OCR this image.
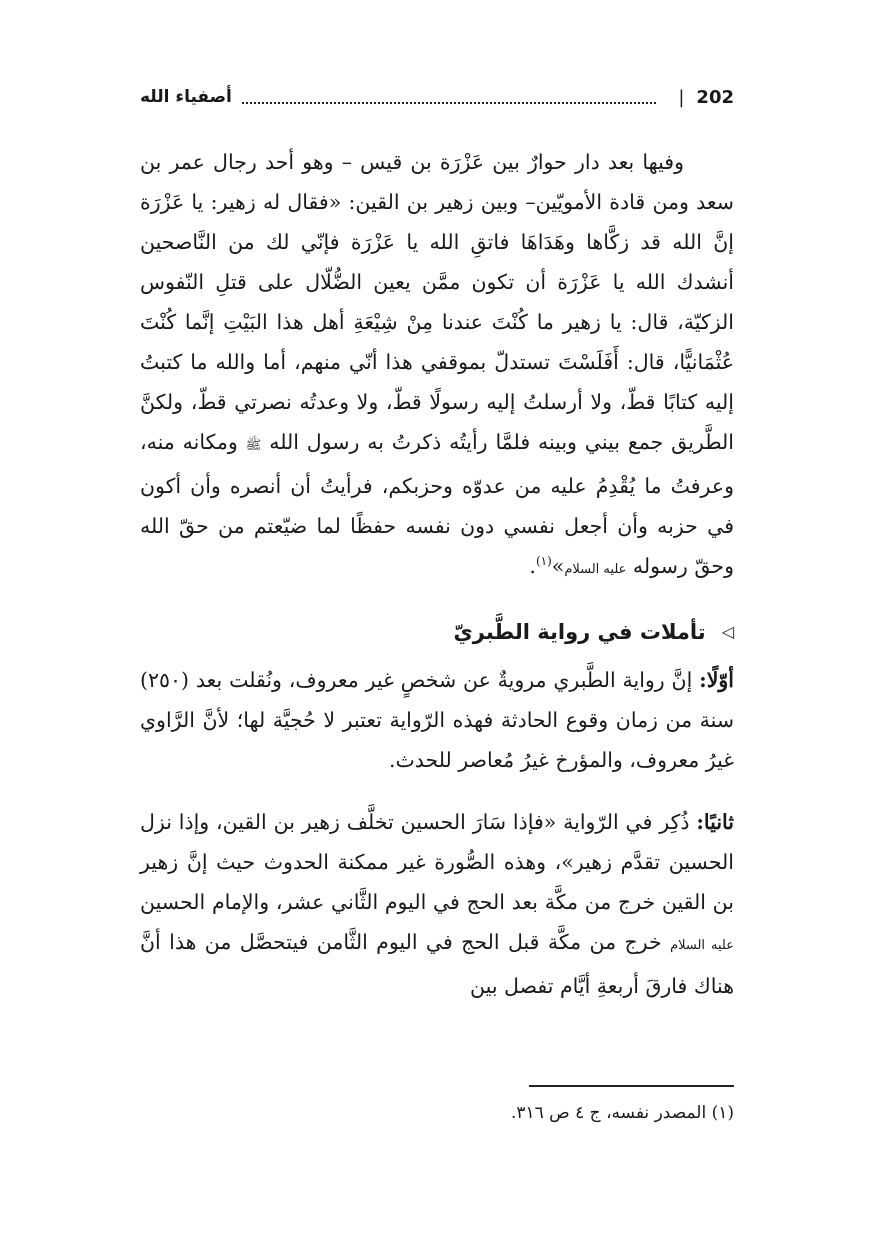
202
|
أصفياء الله

وفيها بعد دار حوارٌ بين عَزْرَة بن قيس – وهو أحد رجال عمر بن سعد ومن قادة الأمويّين– وبين زهير بن القين: «فقال له زهير: يا عَزْرَة إنَّ الله قد زكَّاها وهَدَاهَا فاتقِ الله يا عَزْرَة فإنّي لك من النَّاصحين أنشدك الله يا عَزْرَة أن تكون ممَّن يعين الضُّلّال على قتلِ النّفوس الزكيّة، قال: يا زهير ما كُنْتَ عندنا مِنْ شِيْعَةِ أهل هذا البَيْتِ إنَّما كُنْتَ عُثْمَانيًّا، قال: أَفَلَسْتَ تستدلّ بموقفي هذا أنّي منهم، أما والله ما كتبتُ إليه كتابًا قطّ، ولا أرسلتُ إليه رسولًا قطّ، ولا وعدتُه نصرتي قطّ، ولكنَّ الطَّريق جمع بيني وبينه فلمَّا رأيتُه ذكرتُ به رسول الله ﷺ ومكانه منه، وعرفتُ ما يُقْدِمُ عليه من عدوّه وحزبكم، فرأيتُ أن أنصره وأن أكون في حزبه وأن أجعل نفسي دون نفسه حفظًا لما ضيّعتم من حقّ الله وحقّ رسوله عليه السلام»$^{(١)}$.

◁
تأملات في رواية الطَّبريّ

أوّلًا: إنَّ رواية الطَّبري مرويةٌ عن شخصٍ غير معروف، ونُقلت بعد (٢٥٠) سنة من زمان وقوع الحادثة فهذه الرّواية تعتبر لا حُجيَّة لها؛ لأنَّ الرَّاوي غيرُ معروف، والمؤرخ غيرُ مُعاصر للحدث.

ثانيًا: ذُكِر في الرّواية «فإذا سَارَ الحسين تخلَّف زهير بن القين، وإذا نزل الحسين تقدَّم زهير»، وهذه الصُّورة غير ممكنة الحدوث حيث إنَّ زهير بن القين خرج من مكَّة بعد الحج في اليوم الثَّاني عشر، والإمام الحسين عليه السلام خرج من مكَّة قبل الحج في اليوم الثَّامن فيتحصَّل من هذا أنَّ هناك فارقَ أربعةِ أيَّام تفصل بين

(١) المصدر نفسه، ج ٤ ص ٣١٦.
